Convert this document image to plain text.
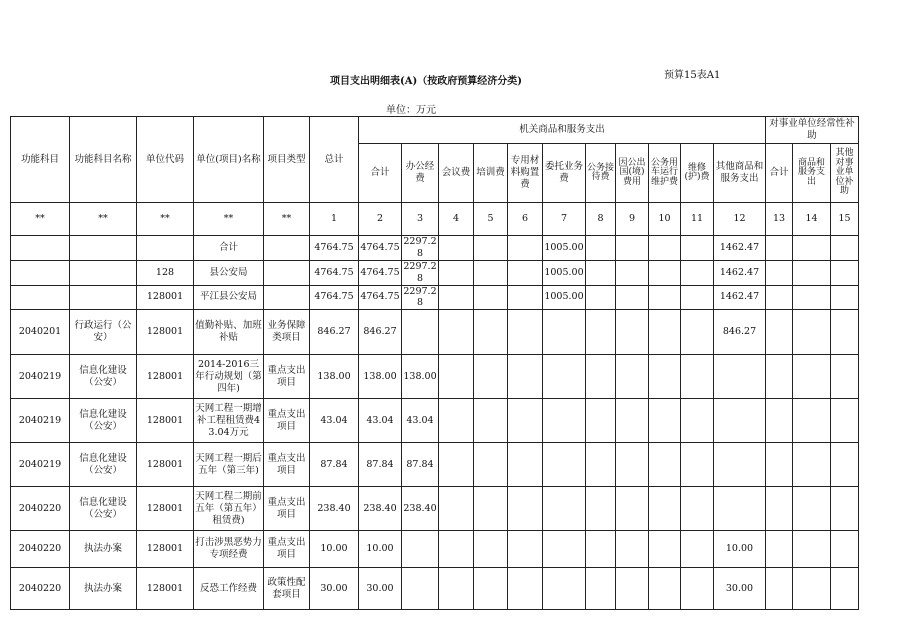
预算15表A1
项目支出明细表(A)（按政府预算经济分类)
单位：万元
功能科目	功能科目名称	单位代码	单位(项目)名称	项目类型	总计	机关商品和服务支出											对事业单位经常性补助		
						合计	办公经费	会议费	培训费	专用材料购置费	委托业务费	公务接待费	因公出国(境)费用	公务用车运行维护费	维修(护)费	其他商品和服务支出	合计	商品和服务支出	其他对事业单位补助
**	**	**	**	**	1	2	3	4	5	6	7	8	9	10	11	12	13	14	15
			合计		4764.75	4764.75	2297.28				1005.00					1462.47			
		128	县公安局		4764.75	4764.75	2297.28				1005.00					1462.47			
		128001	平江县公安局		4764.75	4764.75	2297.28				1005.00					1462.47			
2040201	行政运行（公安）	128001	值勤补贴、加班补贴	业务保障类项目	846.27	846.27										846.27			
2040219	信息化建设（公安）	128001	2014-2016三年行动规划（第四年)	重点支出项目	138.00	138.00	138.00												
2040219	信息化建设（公安）	128001	天网工程一期增补工程租赁费43.04万元	重点支出项目	43.04	43.04	43.04												
2040219	信息化建设（公安）	128001	天网工程一期后五年（第三年)	重点支出项目	87.84	87.84	87.84												
2040220	信息化建设（公安）	128001	天网工程二期前五年（第五年）租赁费)	重点支出项目	238.40	238.40	238.40												
2040220	执法办案	128001	打击涉黑恶势力专项经费	重点支出项目	10.00	10.00										10.00			
2040220	执法办案	128001	反恐工作经费	政策性配套项目	30.00	30.00										30.00			
